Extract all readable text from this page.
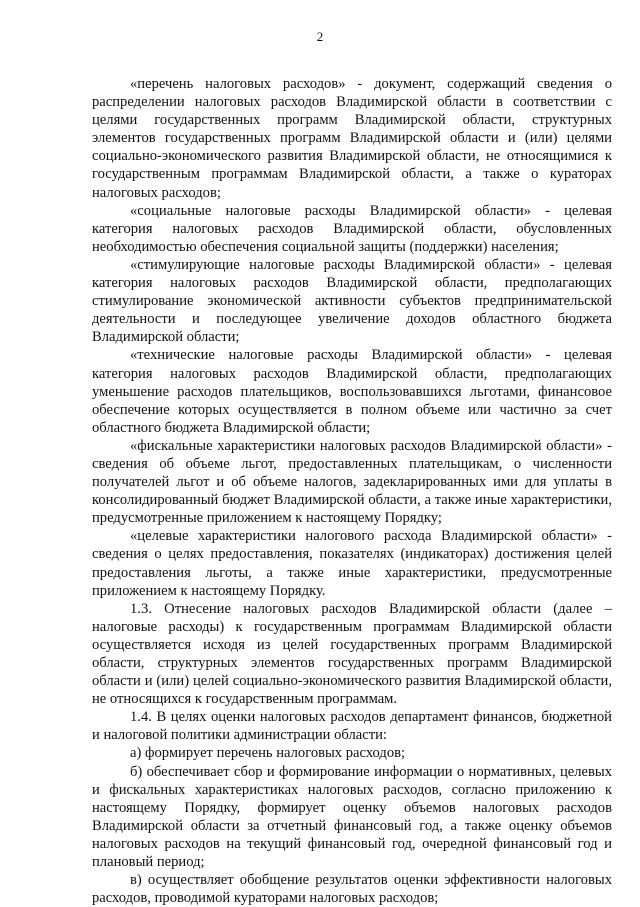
2

«перечень налоговых расходов» - документ, содержащий сведения о распределении налоговых расходов Владимирской области в соответствии с целями государственных программ Владимирской области, структурных элементов государственных программ Владимирской области и (или) целями социально-экономического развития Владимирской области, не относящимися к государственным программам Владимирской области, а также о кураторах налоговых расходов;

«социальные налоговые расходы Владимирской области» - целевая категория налоговых расходов Владимирской области, обусловленных необходимостью обеспечения социальной защиты (поддержки) населения;

«стимулирующие налоговые расходы Владимирской области» - целевая категория налоговых расходов Владимирской области, предполагающих стимулирование экономической активности субъектов предпринимательской деятельности и последующее увеличение доходов областного бюджета Владимирской области;

«технические налоговые расходы Владимирской области» - целевая категория налоговых расходов Владимирской области, предполагающих уменьшение расходов плательщиков, воспользовавшихся льготами, финансовое обеспечение которых осуществляется в полном объеме или частично за счет областного бюджета Владимирской области;

«фискальные характеристики налоговых расходов Владимирской области» - сведения об объеме льгот, предоставленных плательщикам, о численности получателей льгот и об объеме налогов, задекларированных ими для уплаты в консолидированный бюджет Владимирской области, а также иные характеристики, предусмотренные приложением к настоящему Порядку;

«целевые характеристики налогового расхода Владимирской области» - сведения о целях предоставления, показателях (индикаторах) достижения целей предоставления льготы, а также иные характеристики, предусмотренные приложением к настоящему Порядку.

1.3. Отнесение налоговых расходов Владимирской области (далее – налоговые расходы) к государственным программам Владимирской области осуществляется исходя из целей государственных программ Владимирской области, структурных элементов государственных программ Владимирской области и (или) целей социально-экономического развития Владимирской области, не относящихся к государственным программам.

1.4. В целях оценки налоговых расходов департамент финансов, бюджетной и налоговой политики администрации области:

а) формирует перечень налоговых расходов;

б) обеспечивает сбор и формирование информации о нормативных, целевых и фискальных характеристиках налоговых расходов, согласно приложению к настоящему Порядку, формирует оценку объемов налоговых расходов Владимирской области за отчетный финансовый год, а также оценку объемов налоговых расходов на текущий финансовый год, очередной финансовый год и плановый период;

в) осуществляет обобщение результатов оценки эффективности налоговых расходов, проводимой кураторами налоговых расходов;
